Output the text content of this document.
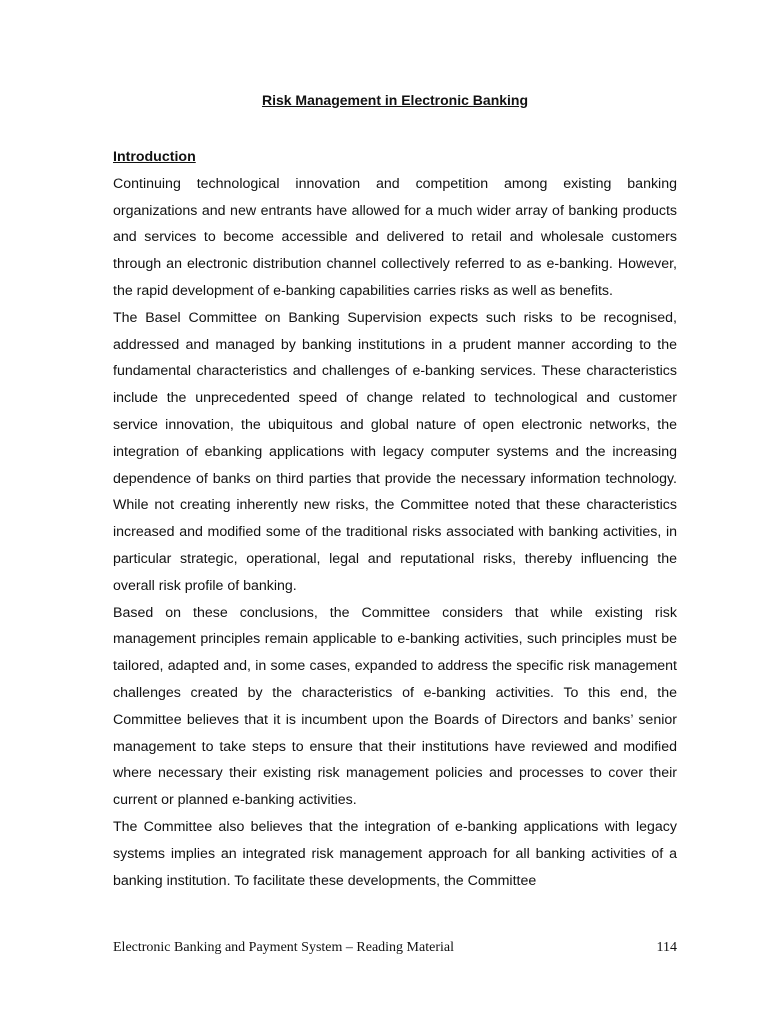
Risk Management in Electronic Banking
Introduction

Continuing technological innovation and competition among existing banking organizations and new entrants have allowed for a much wider array of banking products and services to become accessible and delivered to retail and wholesale customers through an electronic distribution channel collectively referred to as e-banking. However, the rapid development of e-banking capabilities carries risks as well as benefits.

The Basel Committee on Banking Supervision expects such risks to be recognised, addressed and managed by banking institutions in a prudent manner according to the fundamental characteristics and challenges of e-banking services. These characteristics include the unprecedented speed of change related to technological and customer service innovation, the ubiquitous and global nature of open electronic networks, the integration of ebanking applications with legacy computer systems and the increasing dependence of banks on third parties that provide the necessary information technology. While not creating inherently new risks, the Committee noted that these characteristics increased and modified some of the traditional risks associated with banking activities, in particular strategic, operational, legal and reputational risks, thereby influencing the overall risk profile of banking.

Based on these conclusions, the Committee considers that while existing risk management principles remain applicable to e-banking activities, such principles must be tailored, adapted and, in some cases, expanded to address the specific risk management challenges created by the characteristics of e-banking activities. To this end, the Committee believes that it is incumbent upon the Boards of Directors and banks’ senior management to take steps to ensure that their institutions have reviewed and modified where necessary their existing risk management policies and processes to cover their current or planned e-banking activities.

The Committee also believes that the integration of e-banking applications with legacy systems implies an integrated risk management approach for all banking activities of a banking institution. To facilitate these developments, the Committee

Electronic Banking and Payment System – Reading Material	114
